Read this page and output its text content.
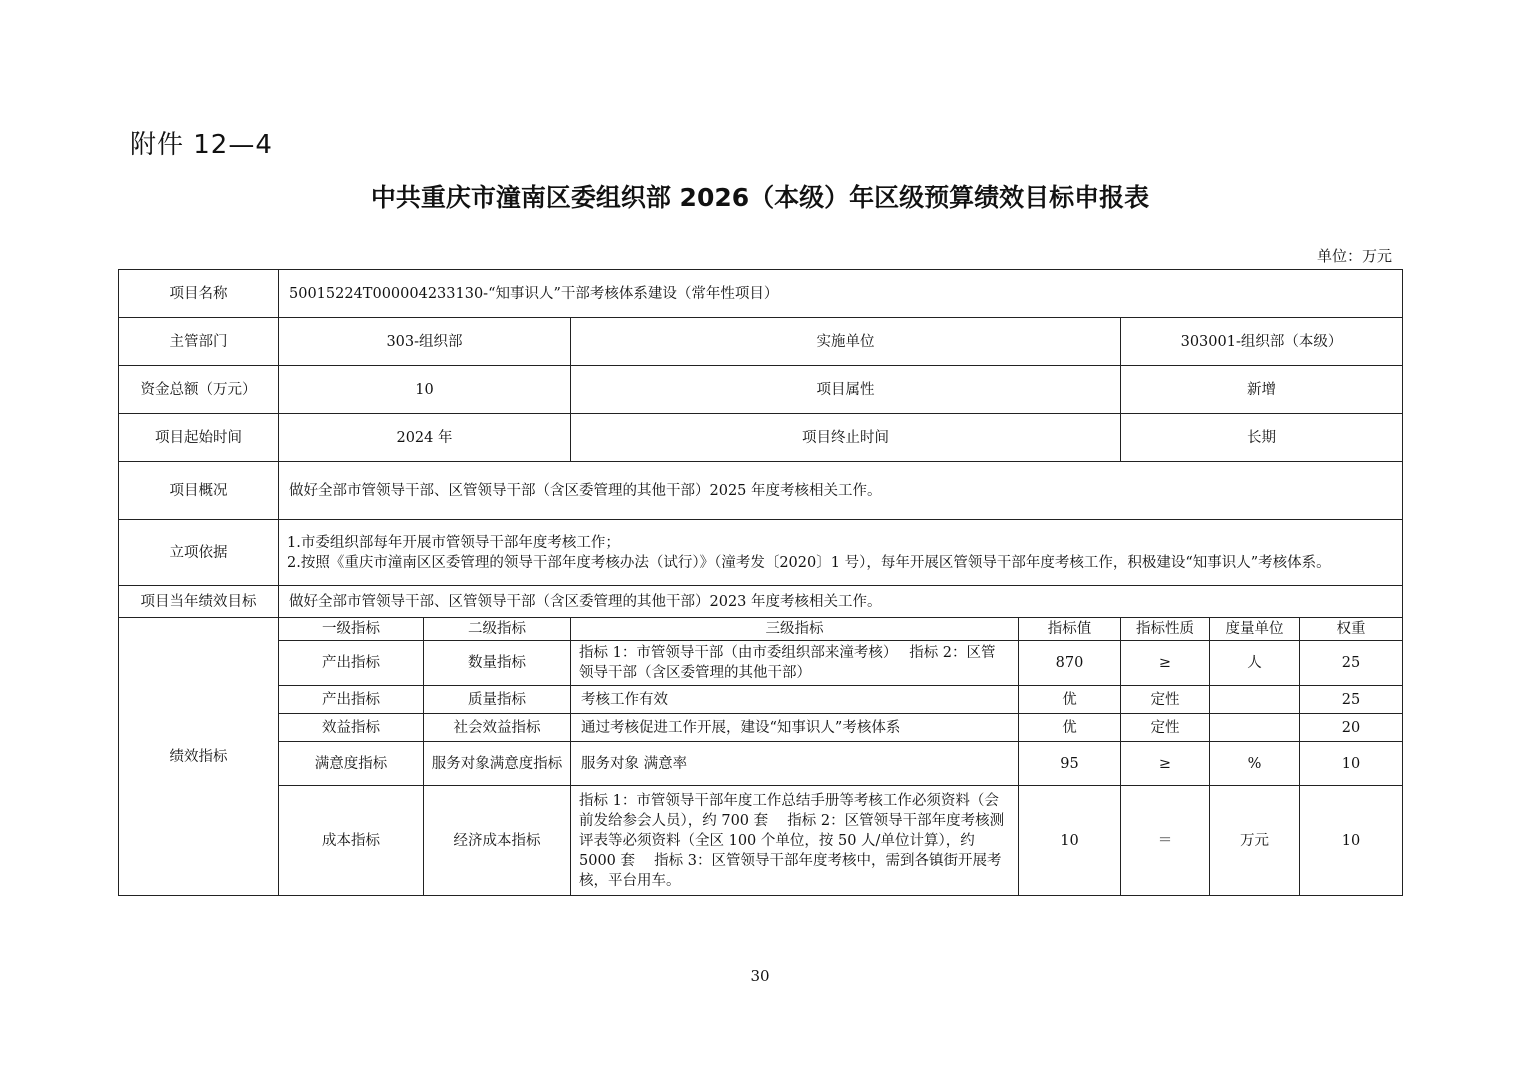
附件 12—4
中共重庆市潼南区委组织部 2026（本级）年区级预算绩效目标申报表
单位：万元
项目名称	50015224T000004233130-“知事识人”干部考核体系建设（常年性项目）						
主管部门	303-组织部		实施单位		303001-组织部（本级）		
资金总额（万元）	10		项目属性		新增		
项目起始时间	2024 年		项目终止时间		长期		
项目概况	做好全部市管领导干部、区管领导干部（含区委管理的其他干部）2025 年度考核相关工作。						
立项依据	1.市委组织部每年开展市管领导干部年度考核工作；
2.按照《重庆市潼南区区委管理的领导干部年度考核办法（试行）》（潼考发〔2020〕1 号），每年开展区管领导干部年度考核工作，积极建设“知事识人”考核体系。						

项目当年绩效目标	做好全部市管领导干部、区管领导干部（含区委管理的其他干部）2023 年度考核相关工作。						
绩效指标	一级指标	二级指标	三级指标	指标值	指标性质	度量单位	权重
	产出指标	数量指标	指标 1：市管领导干部（由市委组织部来潼考核）　 指标 2：区管领导干部（含区委管理的其他干部）	870	≥	人	25
	产出指标	质量指标	考核工作有效	优	定性		25
	效益指标	社会效益指标	通过考核促进工作开展，建设“知事识人”考核体系	优	定性		20
	满意度指标	服务对象满意度指标	服务对象 满意率	95	≥	%	10
	成本指标	经济成本指标	指标 1：市管领导干部年度工作总结手册等考核工作必须资料（会前发给参会人员），约 700 套　 指标 2：区管领导干部年度考核测评表等必须资料（全区 100 个单位，按 50 人/单位计算），约 5000 套　 指标 3：区管领导干部年度考核中，需到各镇街开展考核，平台用车。	10	＝	万元	10
30
